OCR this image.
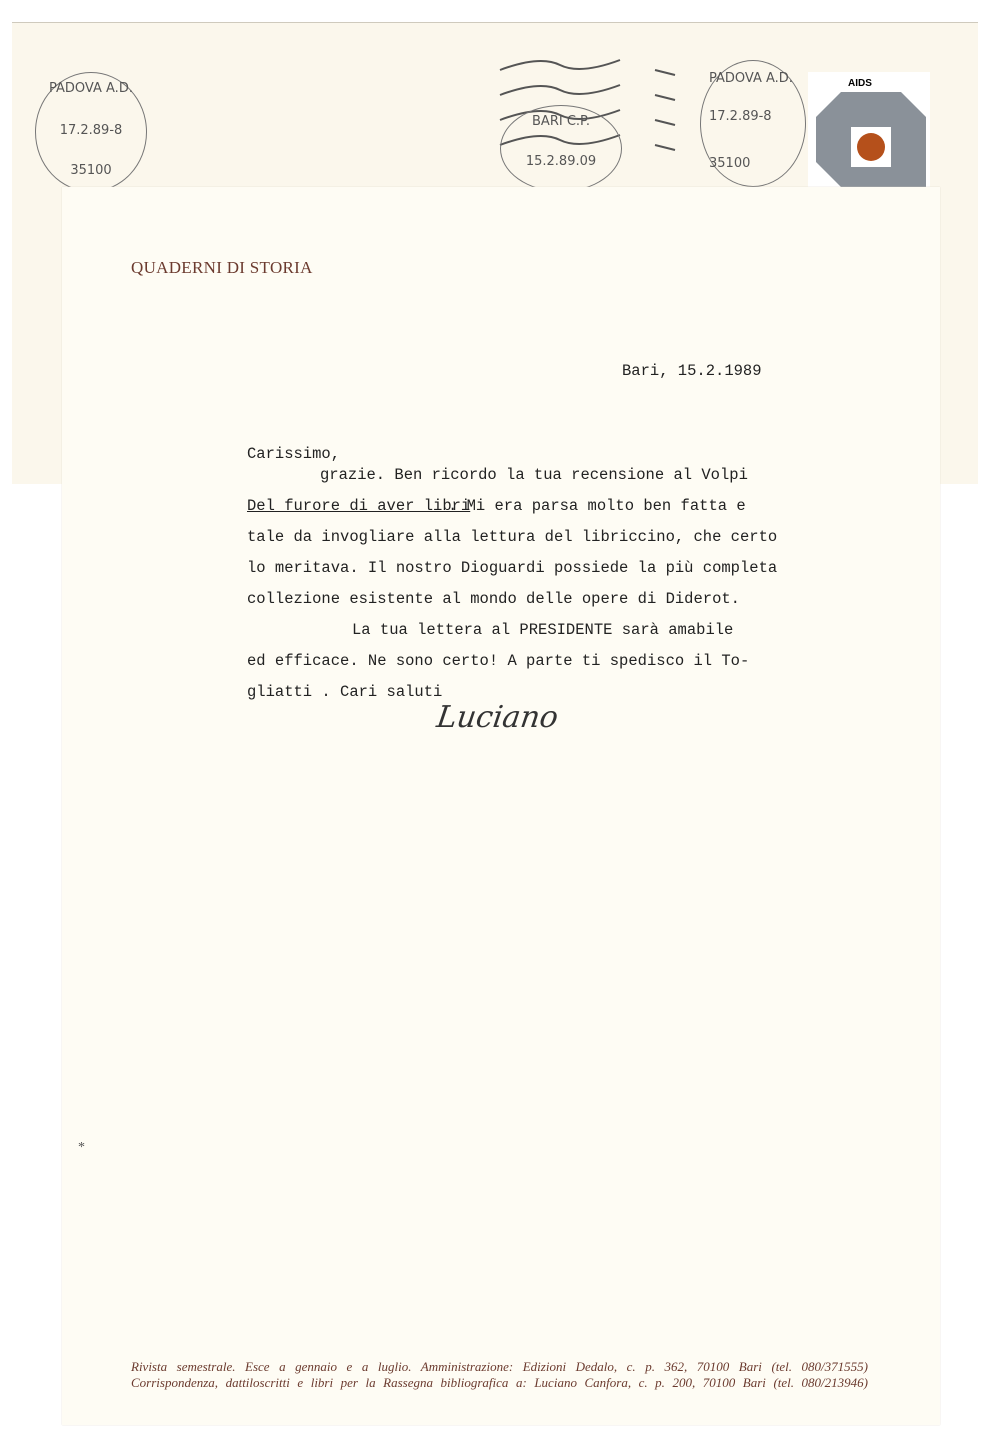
PADOVA A.D.
17.2.89-8
35100
BARI C.P.
15.2.89.09
PADOVA A.D.
17.2.89-8
35100
AIDS
QUADERNI DI STORIA
Bari, 15.2.1989
Carissimo,
grazie. Ben ricordo la tua recensione al Volpi
Del furore di aver libri
. Mi era parsa molto ben fatta e
tale da invogliare alla lettura del libriccino, che certo
lo meritava. Il nostro Dioguardi possiede la più completa
collezione esistente al mondo delle opere di Diderot.
La tua lettera al PRESIDENTE sarà amabile
ed efficace. Ne sono certo! A parte ti spedisco il To-
gliatti . Cari saluti
Luciano
*
Rivista semestrale. Esce a gennaio e a luglio. Amministrazione: Edizioni Dedalo, c. p. 362, 70100 Bari (tel. 080/371555)
Corrispondenza, dattiloscritti e libri per la Rassegna bibliografica a: Luciano Canfora, c. p. 200, 70100 Bari (tel. 080/213946)
